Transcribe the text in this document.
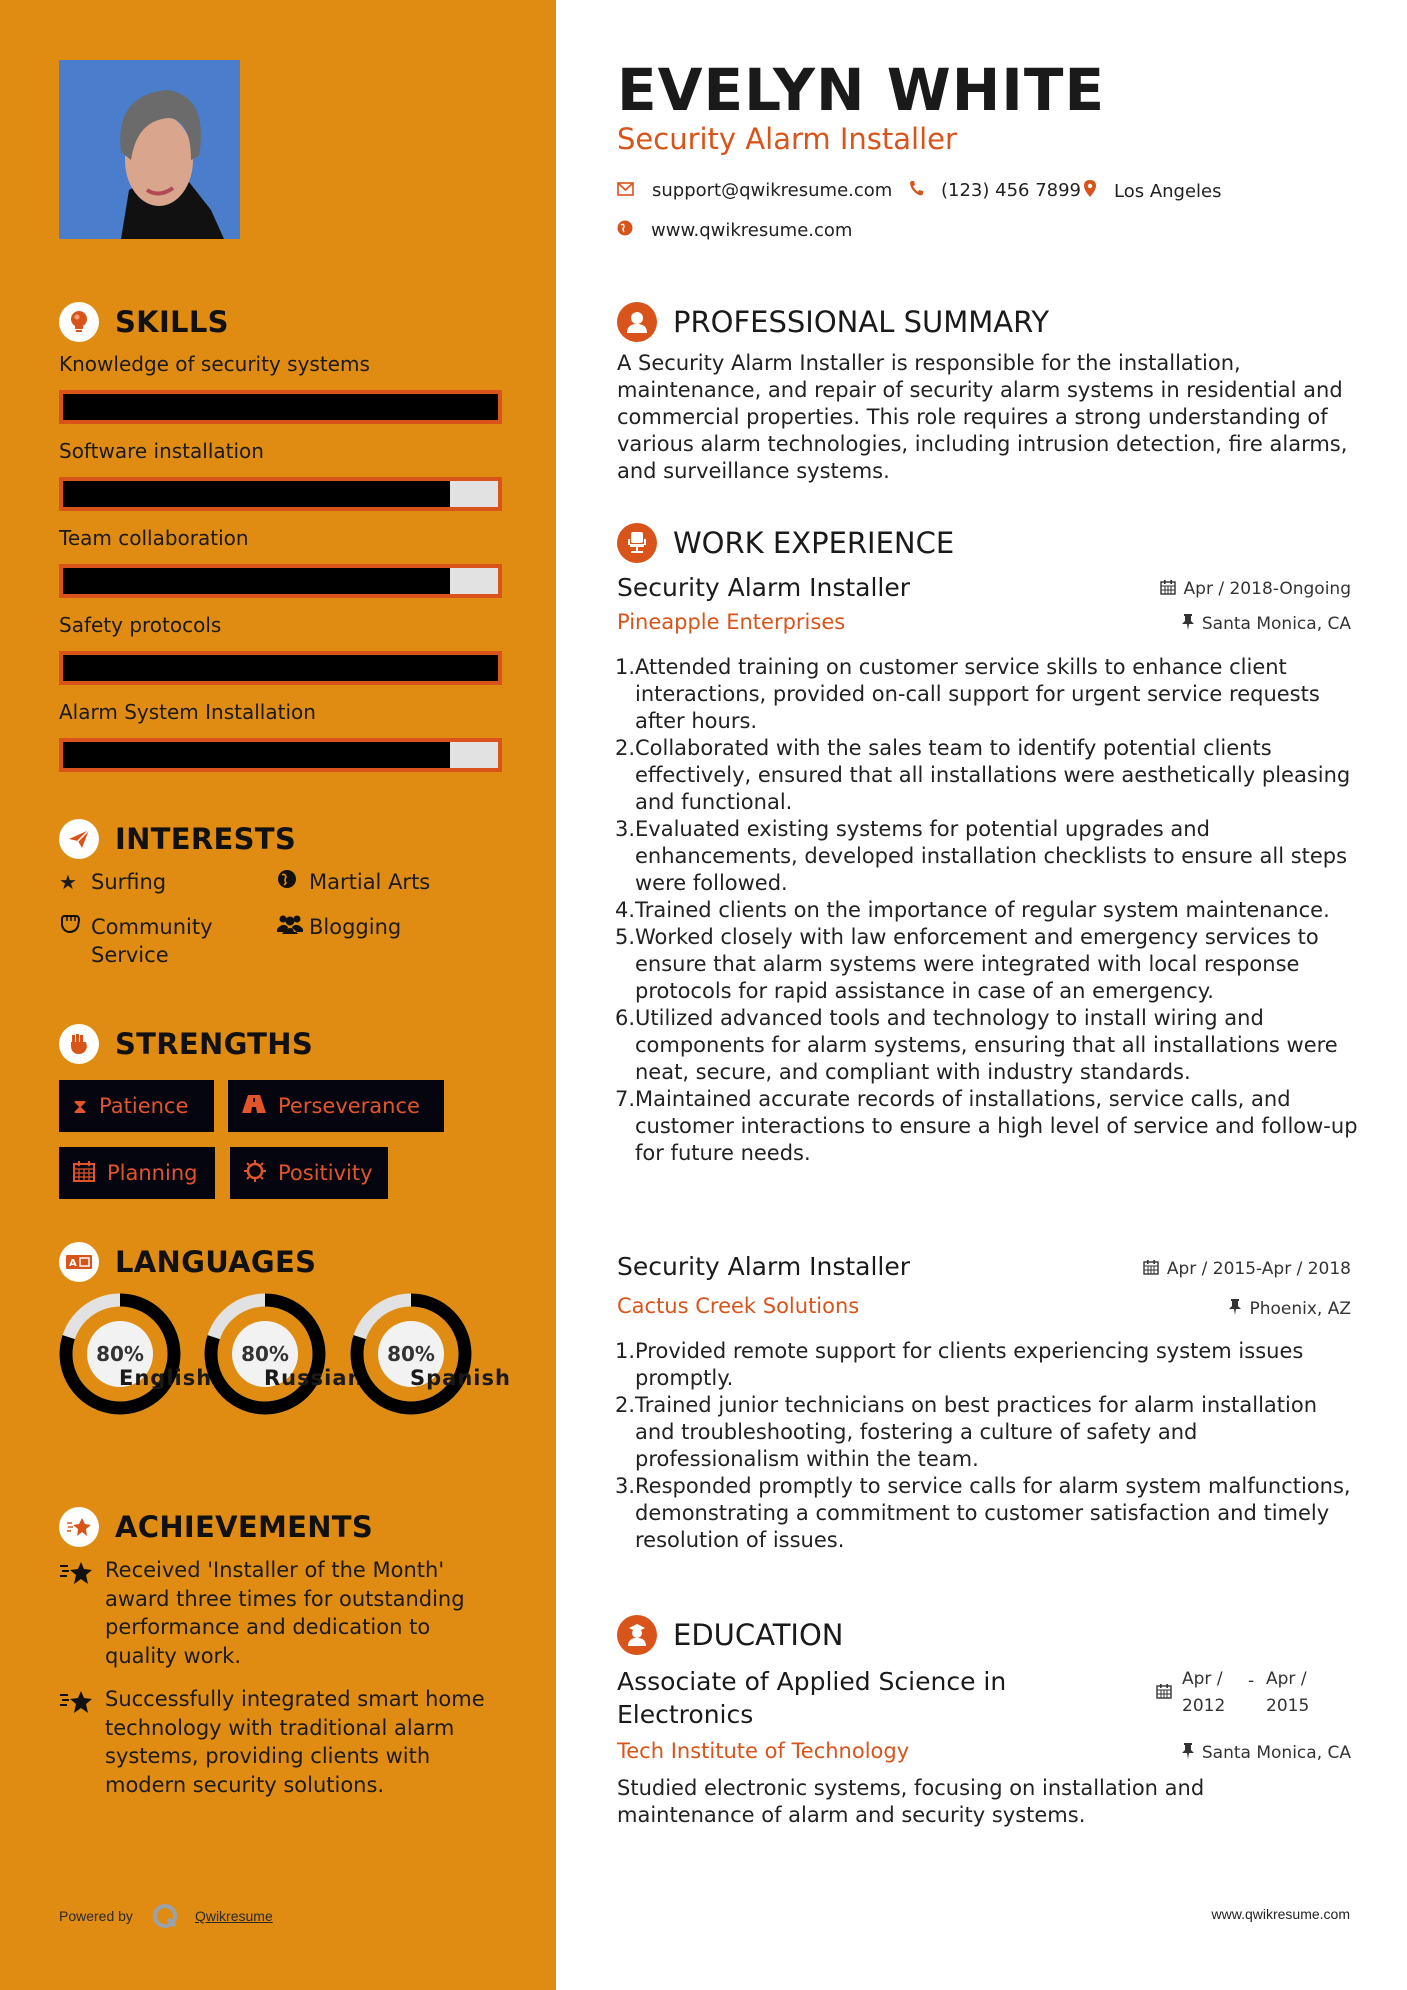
SKILLS
Knowledge of security systems
Software installation
Team collaboration
Safety protocols
Alarm System Installation
INTERESTS
★ Surfing	Martial Arts
Community Service
Blogging
STRENGTHS
⧗ Patience	Perseverance
Planning	Positivity
A LANGUAGES
80%
English
80%
Russian
80%
Spanish
ACHIEVEMENTS
Received 'Installer of the Month' award three times for outstanding performance and dedication to quality work.
Successfully integrated smart home technology with traditional alarm systems, providing clients with modern security solutions.
Powered by	Qwikresume
EVELYN WHITE
Security Alarm Installer
support@qwikresume.com	(123) 456 7899 Los Angeles
www.qwikresume.com
PROFESSIONAL SUMMARY
A Security Alarm Installer is responsible for the installation, maintenance, and repair of security alarm systems in residential and commercial properties. This role requires a strong understanding of various alarm technologies, including intrusion detection, fire alarms, and surveillance systems.
WORK EXPERIENCE
Security Alarm Installer	Apr / 2018-Ongoing
Pineapple Enterprises	Santa Monica, CA
1. Attended training on customer service skills to enhance client interactions, provided on-call support for urgent service requests after hours.
2. Collaborated with the sales team to identify potential clients effectively, ensured that all installations were aesthetically pleasing and functional.
3. Evaluated existing systems for potential upgrades and enhancements, developed installation checklists to ensure all steps were followed.
4. Trained clients on the importance of regular system maintenance.
5. Worked closely with law enforcement and emergency services to ensure that alarm systems were integrated with local response protocols for rapid assistance in case of an emergency.
6. Utilized advanced tools and technology to install wiring and components for alarm systems, ensuring that all installations were neat, secure, and compliant with industry standards.
7. Maintained accurate records of installations, service calls, and customer interactions to ensure a high level of service and follow-up for future needs.
Security Alarm Installer	Apr / 2015-Apr / 2018
Cactus Creek Solutions	Phoenix, AZ
1. Provided remote support for clients experiencing system issues promptly.
2. Trained junior technicians on best practices for alarm installation and troubleshooting, fostering a culture of safety and professionalism within the team.
3. Responded promptly to service calls for alarm system malfunctions, demonstrating a commitment to customer satisfaction and timely resolution of issues.
EDUCATION
Associate of Applied Science in Electronics
Apr / 2012
- Apr / 2015
Tech Institute of Technology	Santa Monica, CA
Studied electronic systems, focusing on installation and maintenance of alarm and security systems.
www.qwikresume.com
